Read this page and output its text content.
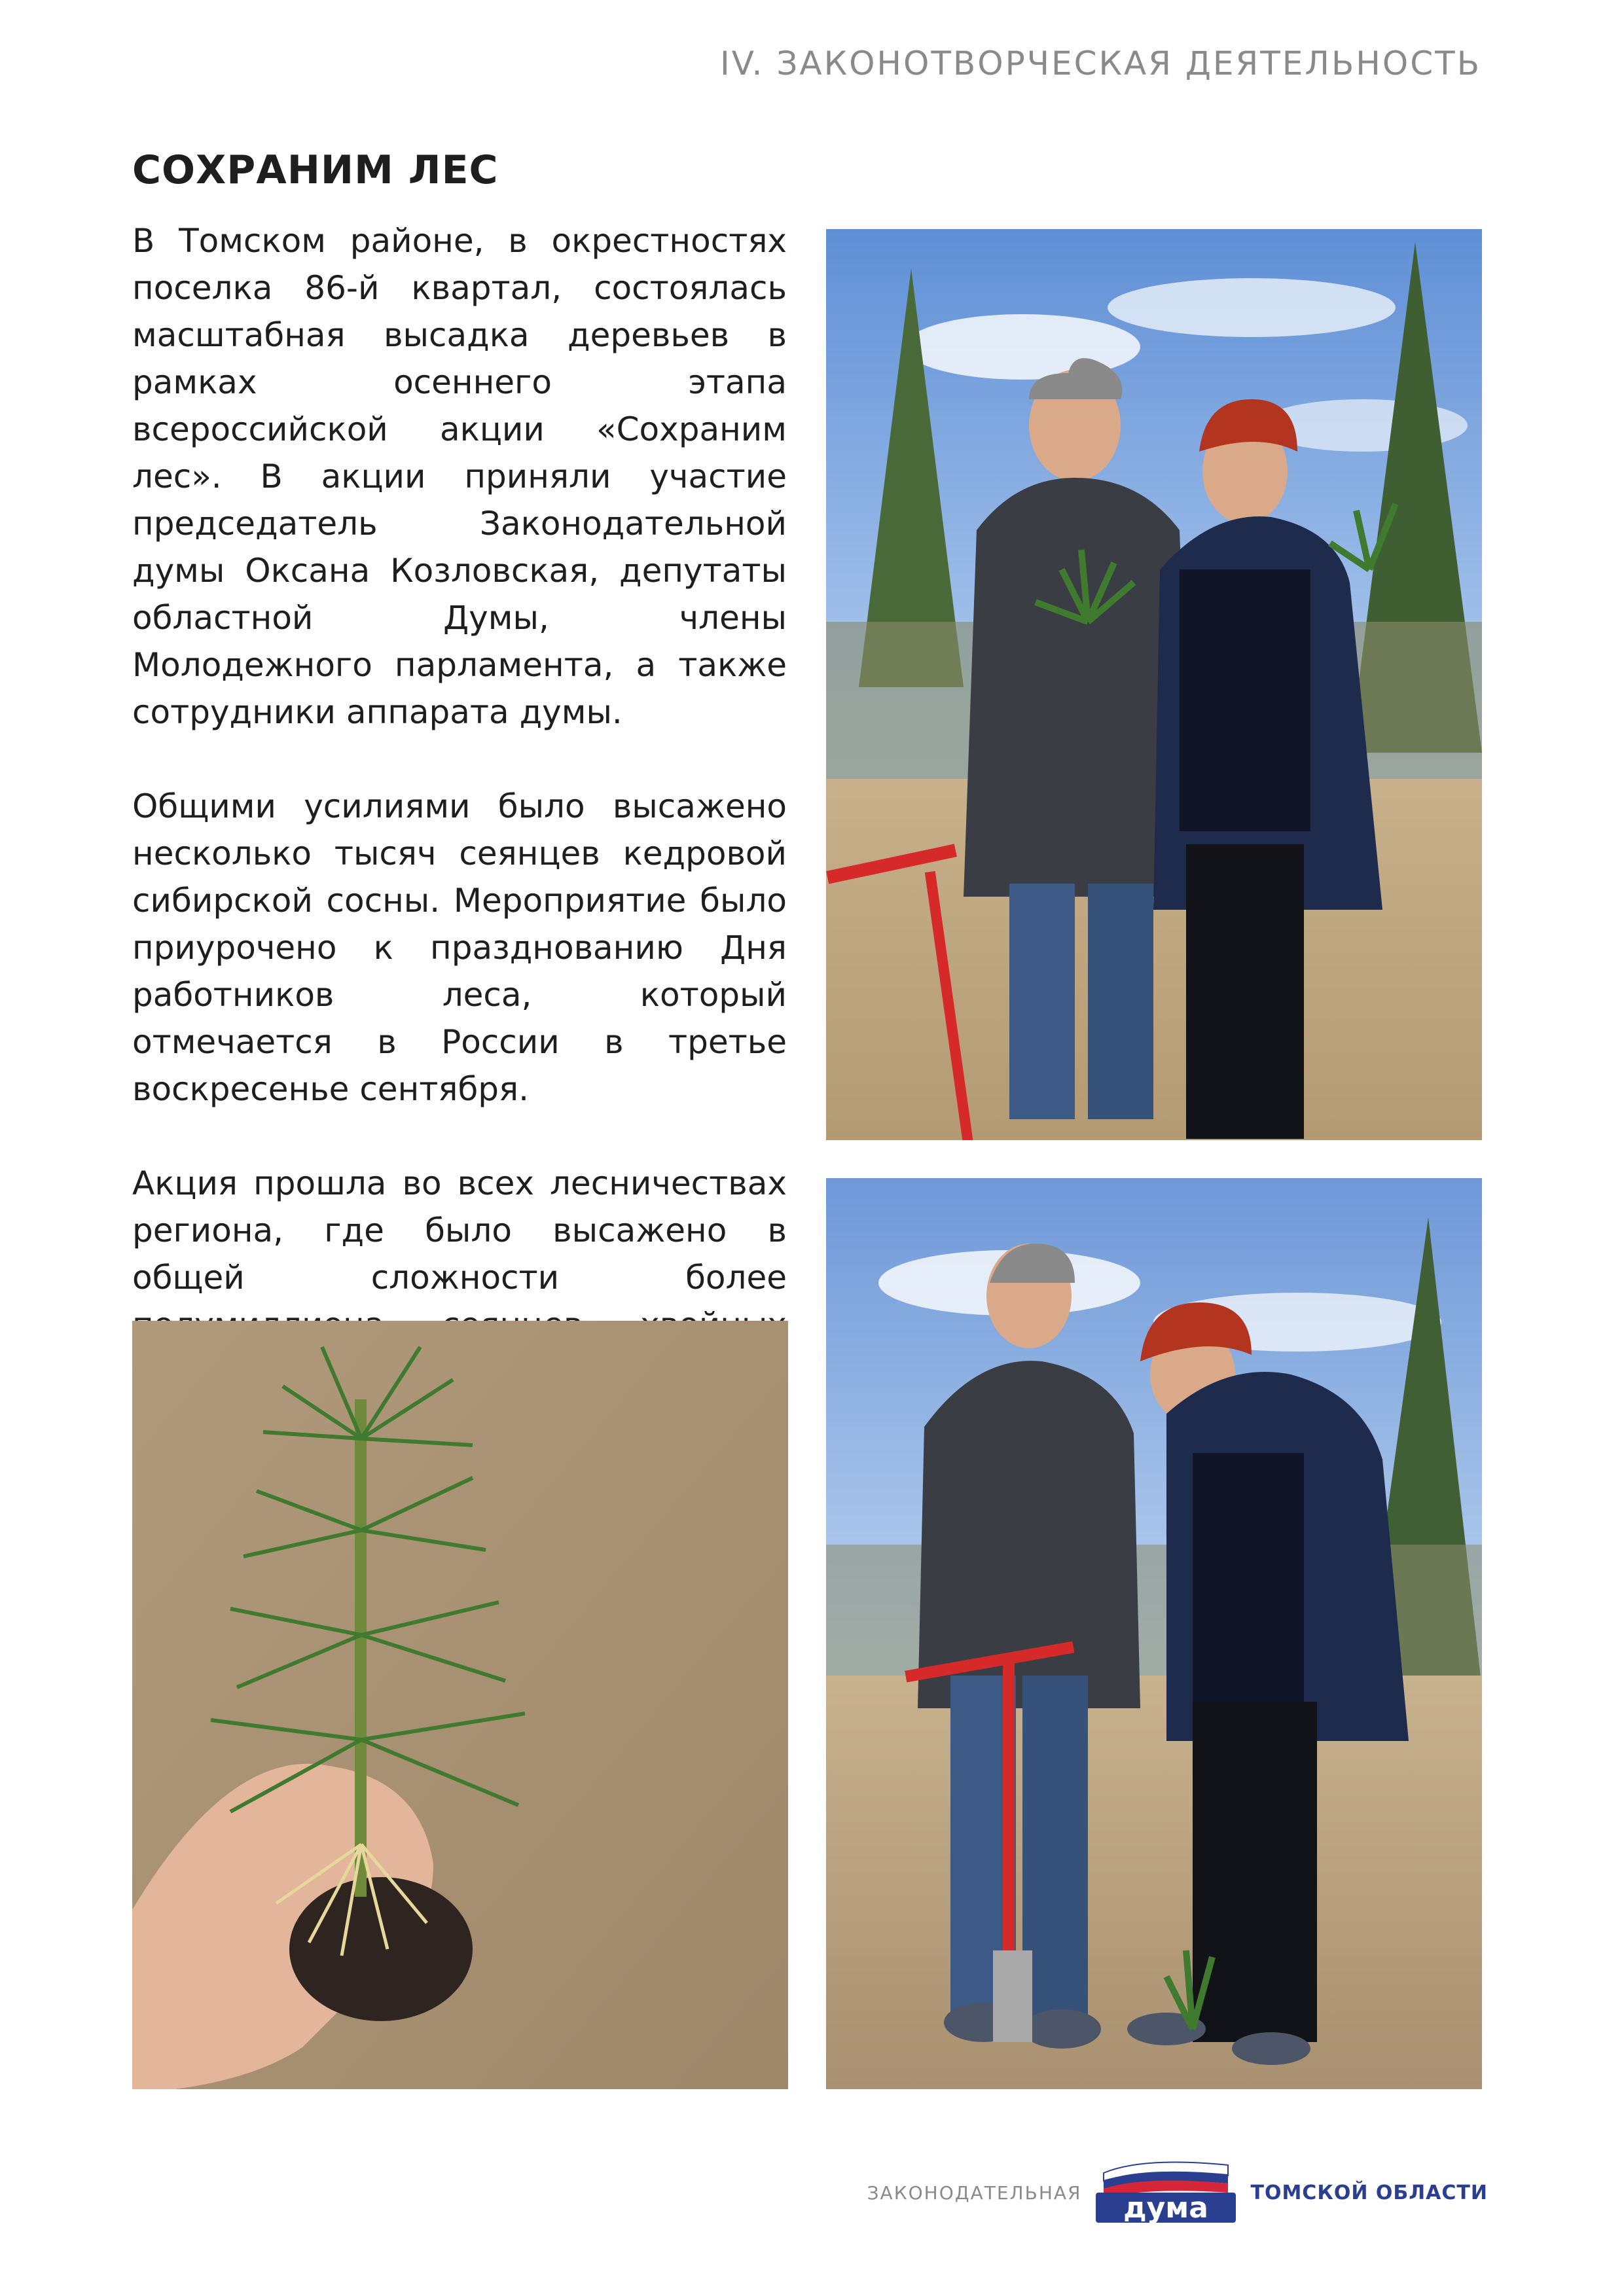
IV. ЗАКОНОТВОРЧЕСКАЯ ДЕЯТЕЛЬНОСТЬ
СОХРАНИМ ЛЕС

В Томском районе, в окрестностях поселка 86-й квартал, состоялась масштабная высадка деревьев в рамках осеннего этапа всероссийской акции «Сохраним лес». В акции приняли участие председатель Законодательной думы Оксана Козловская, депутаты областной Думы, члены Молодежного парламента, а также сотрудники аппарата думы.

Общими усилиями было высажено несколько тысяч сеянцев кедровой сибирской сосны. Мероприятие было приурочено к празднованию Дня работников леса, который отмечается в России в третье воскресенье сентября.

Акция прошла во всех лесничествах региона, где было высажено в общей сложности более

ЗАКОНОДАТЕЛЬНАЯ дума ТОМСКОЙ ОБЛАСТИ
